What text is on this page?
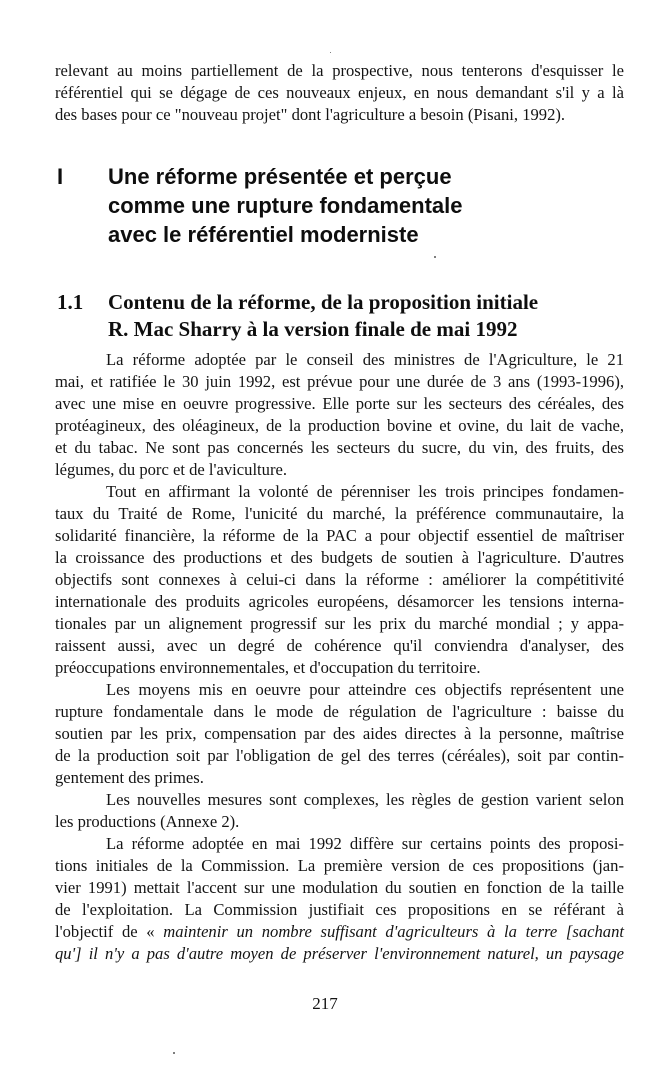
relevant au moins partiellement de la prospective, nous tenterons d'esquisser le
référentiel qui se dégage de ces nouveaux enjeux, en nous demandant s'il y a là
des bases pour ce "nouveau projet" dont l'agriculture a besoin (Pisani, 1992).
I Une réforme présentée et perçue
comme une rupture fondamentale
avec le référentiel moderniste
1.1 Contenu de la réforme, de la proposition initiale
R. Mac Sharry à la version finale de mai 1992
La réforme adoptée par le conseil des ministres de l'Agriculture, le 21
mai, et ratifiée le 30 juin 1992, est prévue pour une durée de 3 ans (1993-1996),
avec une mise en oeuvre progressive. Elle porte sur les secteurs des céréales, des
protéagineux, des oléagineux, de la production bovine et ovine, du lait de vache,
et du tabac. Ne sont pas concernés les secteurs du sucre, du vin, des fruits, des
légumes, du porc et de l'aviculture.
Tout en affirmant la volonté de pérenniser les trois principes fondamen-
taux du Traité de Rome, l'unicité du marché, la préférence communautaire, la
solidarité financière, la réforme de la PAC a pour objectif essentiel de maîtriser
la croissance des productions et des budgets de soutien à l'agriculture. D'autres
objectifs sont connexes à celui-ci dans la réforme : améliorer la compétitivité
internationale des produits agricoles européens, désamorcer les tensions interna-
tionales par un alignement progressif sur les prix du marché mondial ; y appa-
raissent aussi, avec un degré de cohérence qu'il conviendra d'analyser, des
préoccupations environnementales, et d'occupation du territoire.
Les moyens mis en oeuvre pour atteindre ces objectifs représentent une
rupture fondamentale dans le mode de régulation de l'agriculture : baisse du
soutien par les prix, compensation par des aides directes à la personne, maîtrise
de la production soit par l'obligation de gel des terres (céréales), soit par contin-
gentement des primes.
Les nouvelles mesures sont complexes, les règles de gestion varient selon
les productions (Annexe 2).
La réforme adoptée en mai 1992 diffère sur certains points des proposi-
tions initiales de la Commission. La première version de ces propositions (jan-
vier 1991) mettait l'accent sur une modulation du soutien en fonction de la taille
de l'exploitation. La Commission justifiait ces propositions en se référant à
l'objectif de « maintenir un nombre suffisant d'agriculteurs à la terre [sachant
qu'] il n'y a pas d'autre moyen de préserver l'environnement naturel, un paysage
217
